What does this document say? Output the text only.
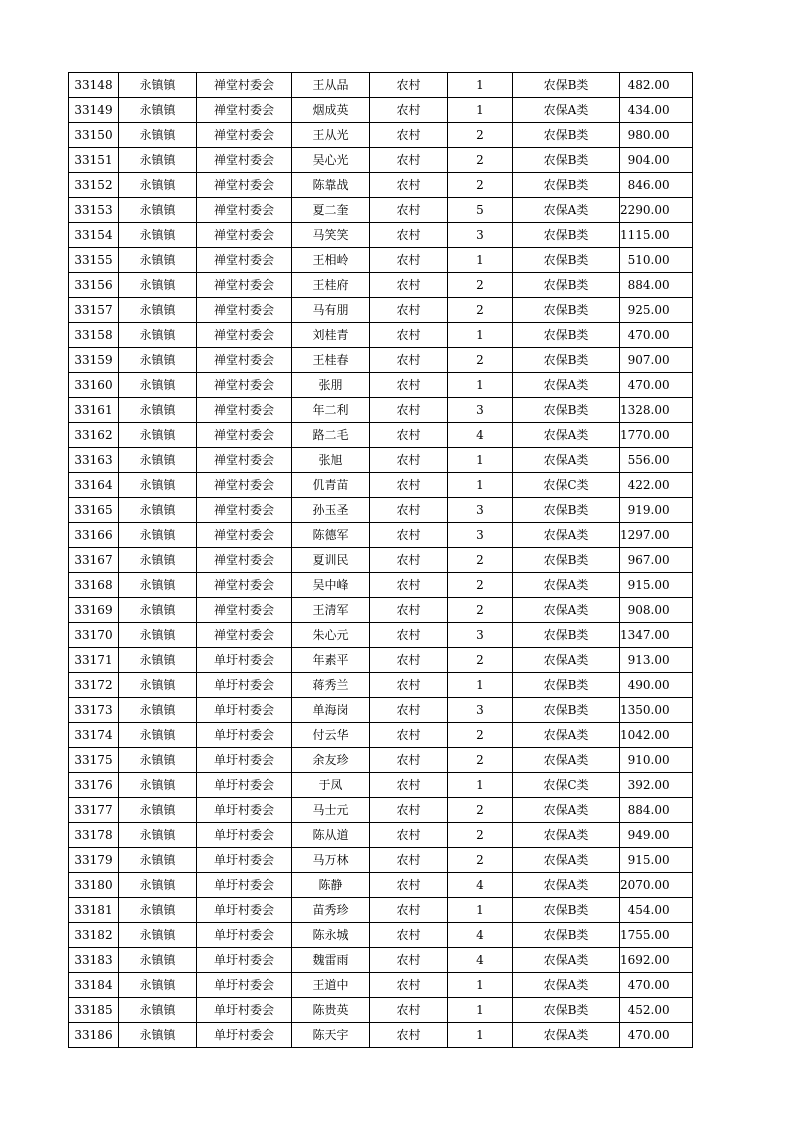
33148	永镇镇	禅堂村委会	王从品	农村	1	农保B类	482.00
33149	永镇镇	禅堂村委会	烟成英	农村	1	农保A类	434.00
33150	永镇镇	禅堂村委会	王从光	农村	2	农保B类	980.00
33151	永镇镇	禅堂村委会	吴心光	农村	2	农保B类	904.00
33152	永镇镇	禅堂村委会	陈靠战	农村	2	农保B类	846.00
33153	永镇镇	禅堂村委会	夏二奎	农村	5	农保A类	2290.00
33154	永镇镇	禅堂村委会	马笑笑	农村	3	农保B类	1115.00
33155	永镇镇	禅堂村委会	王相岭	农村	1	农保B类	510.00
33156	永镇镇	禅堂村委会	王桂府	农村	2	农保B类	884.00
33157	永镇镇	禅堂村委会	马有朋	农村	2	农保B类	925.00
33158	永镇镇	禅堂村委会	刘桂青	农村	1	农保B类	470.00
33159	永镇镇	禅堂村委会	王桂春	农村	2	农保B类	907.00
33160	永镇镇	禅堂村委会	张朋	农村	1	农保A类	470.00
33161	永镇镇	禅堂村委会	年二利	农村	3	农保B类	1328.00
33162	永镇镇	禅堂村委会	路二毛	农村	4	农保A类	1770.00
33163	永镇镇	禅堂村委会	张旭	农村	1	农保A类	556.00
33164	永镇镇	禅堂村委会	仉青苗	农村	1	农保C类	422.00
33165	永镇镇	禅堂村委会	孙玉圣	农村	3	农保B类	919.00
33166	永镇镇	禅堂村委会	陈德军	农村	3	农保A类	1297.00
33167	永镇镇	禅堂村委会	夏训民	农村	2	农保B类	967.00
33168	永镇镇	禅堂村委会	吴中峰	农村	2	农保A类	915.00
33169	永镇镇	禅堂村委会	王清军	农村	2	农保A类	908.00
33170	永镇镇	禅堂村委会	朱心元	农村	3	农保B类	1347.00
33171	永镇镇	单圩村委会	年素平	农村	2	农保A类	913.00
33172	永镇镇	单圩村委会	蒋秀兰	农村	1	农保B类	490.00
33173	永镇镇	单圩村委会	单海岗	农村	3	农保B类	1350.00
33174	永镇镇	单圩村委会	付云华	农村	2	农保A类	1042.00
33175	永镇镇	单圩村委会	余友珍	农村	2	农保A类	910.00
33176	永镇镇	单圩村委会	于凤	农村	1	农保C类	392.00
33177	永镇镇	单圩村委会	马士元	农村	2	农保A类	884.00
33178	永镇镇	单圩村委会	陈从道	农村	2	农保A类	949.00
33179	永镇镇	单圩村委会	马万林	农村	2	农保A类	915.00
33180	永镇镇	单圩村委会	陈静	农村	4	农保A类	2070.00
33181	永镇镇	单圩村委会	苗秀珍	农村	1	农保B类	454.00
33182	永镇镇	单圩村委会	陈永城	农村	4	农保B类	1755.00
33183	永镇镇	单圩村委会	魏雷雨	农村	4	农保A类	1692.00
33184	永镇镇	单圩村委会	王道中	农村	1	农保A类	470.00
33185	永镇镇	单圩村委会	陈贵英	农村	1	农保B类	452.00
33186	永镇镇	单圩村委会	陈天宇	农村	1	农保A类	470.00
